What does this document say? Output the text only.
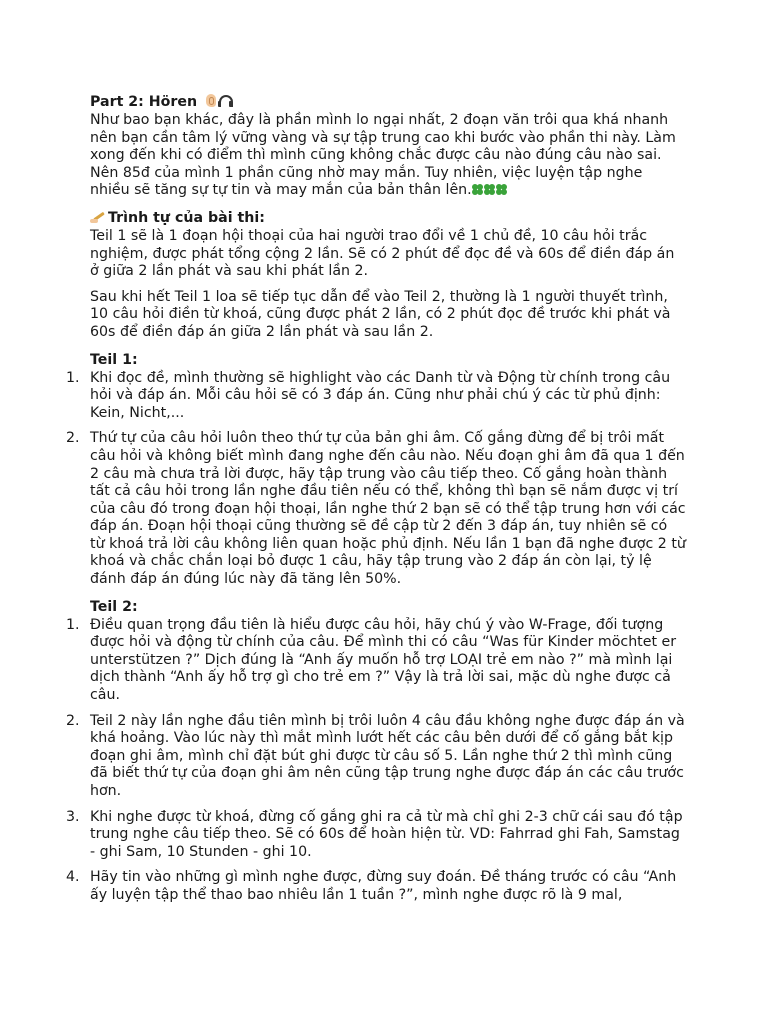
Part 2: Hören

Như bao bạn khác, đây là phần mình lo ngại nhất, 2 đoạn văn trôi qua khá nhanh nên bạn cần tâm lý vững vàng và sự tập trung cao khi bước vào phần thi này. Làm xong đến khi có điểm thì mình cũng không chắc được câu nào đúng câu nào sai. Nên 85đ của mình 1 phần cũng nhờ may mắn. Tuy nhiên, việc luyện tập nghe nhiều sẽ tăng sự tự tin và may mắn của bản thân lên.

Trình tự của bài thi:

Teil 1 sẽ là 1 đoạn hội thoại của hai người trao đổi về 1 chủ đề, 10 câu hỏi trắc nghiệm, được phát tổng cộng 2 lần. Sẽ có 2 phút để đọc đề và 60s để điền đáp án ở giữa 2 lần phát và sau khi phát lần 2.

Sau khi hết Teil 1 loa sẽ tiếp tục dẫn để vào Teil 2, thường là 1 người thuyết trình, 10 câu hỏi điền từ khoá, cũng được phát 2 lần, có 2 phút đọc đề trước khi phát và 60s để điền đáp án giữa 2 lần phát và sau lần 2.

Teil 1:
1. Khi đọc đề, mình thường sẽ highlight vào các Danh từ và Động từ chính trong câu hỏi và đáp án. Mỗi câu hỏi sẽ có 3 đáp án. Cũng như phải chú ý các từ phủ định: Kein, Nicht,...
2. Thứ tự của câu hỏi luôn theo thứ tự của bản ghi âm. Cố gắng đừng để bị trôi mất câu hỏi và không biết mình đang nghe đến câu nào. Nếu đoạn ghi âm đã qua 1 đến 2 câu mà chưa trả lời được, hãy tập trung vào câu tiếp theo. Cố gắng hoàn thành tất cả câu hỏi trong lần nghe đầu tiên nếu có thể, không thì bạn sẽ nắm được vị trí của câu đó trong đoạn hội thoại, lần nghe thứ 2 bạn sẽ có thể tập trung hơn với các đáp án. Đoạn hội thoại cũng thường sẽ đề cập từ 2 đến 3 đáp án, tuy nhiên sẽ có từ khoá trả lời câu không liên quan hoặc phủ định. Nếu lần 1 bạn đã nghe được 2 từ khoá và chắc chắn loại bỏ được 1 câu, hãy tập trung vào 2 đáp án còn lại, tỷ lệ đánh đáp án đúng lúc này đã tăng lên 50%.
Teil 2:
1. Điều quan trọng đầu tiên là hiểu được câu hỏi, hãy chú ý vào W-Frage, đối tượng được hỏi và động từ chính của câu. Để mình thi có câu “Was für Kinder möchtet er unterstützen ?” Dịch đúng là “Anh ấy muốn hỗ trợ LOẠI trẻ em nào ?” mà mình lại dịch thành “Anh ấy hỗ trợ gì cho trẻ em ?” Vậy là trả lời sai, mặc dù nghe được cả câu.
2. Teil 2 này lần nghe đầu tiên mình bị trôi luôn 4 câu đầu không nghe được đáp án và khá hoảng. Vào lúc này thì mắt mình lướt hết các câu bên dưới để cố gắng bắt kịp đoạn ghi âm, mình chỉ đặt bút ghi được từ câu số 5. Lần nghe thứ 2 thì mình cũng đã biết thứ tự của đoạn ghi âm nên cũng tập trung nghe được đáp án các câu trước hơn.
3. Khi nghe được từ khoá, đừng cố gắng ghi ra cả từ mà chỉ ghi 2-3 chữ cái sau đó tập trung nghe câu tiếp theo. Sẽ có 60s để hoàn hiện từ. VD: Fahrrad ghi Fah, Samstag - ghi Sam, 10 Stunden - ghi 10.
4. Hãy tin vào những gì mình nghe được, đừng suy đoán. Đề tháng trước có câu “Anh ấy luyện tập thể thao bao nhiêu lần 1 tuần ?”, mình nghe được rõ là 9 mal,
